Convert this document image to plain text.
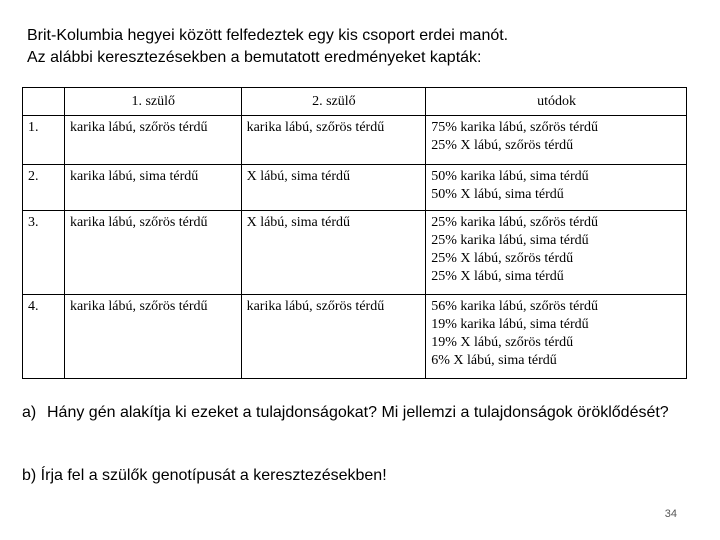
Brit-Kolumbia hegyei között felfedeztek egy kis csoport erdei manót.
Az alábbi keresztezésekben a bemutatott eredményeket kapták:
	1. szülő	2. szülő	utódok
1.	karika lábú, szőrös térdű	karika lábú, szőrös térdű	75% karika lábú, szőrös térdű
25% X lábú, szőrös térdű

2.	karika lábú, sima térdű	X lábú, sima térdű	50% karika lábú, sima térdű
50% X lábú, sima térdű

3.	karika lábú, szőrös térdű	X lábú, sima térdű	25% karika lábú, szőrös térdű
25% karika lábú, sima térdű
25% X lábú, szőrös térdű
25% X lábú, sima térdű

4.	karika lábú, szőrös térdű	karika lábú, szőrös térdű	56% karika lábú, szőrös térdű
19% karika lábú, sima térdű
19% X lábú, szőrös térdű
6% X lábú, sima térdű
a) Hány gén alakítja ki ezeket a tulajdonságokat? Mi jellemzi a tulajdonságok öröklődését?
b) Írja fel a szülők genotípusát a keresztezésekben!
34
